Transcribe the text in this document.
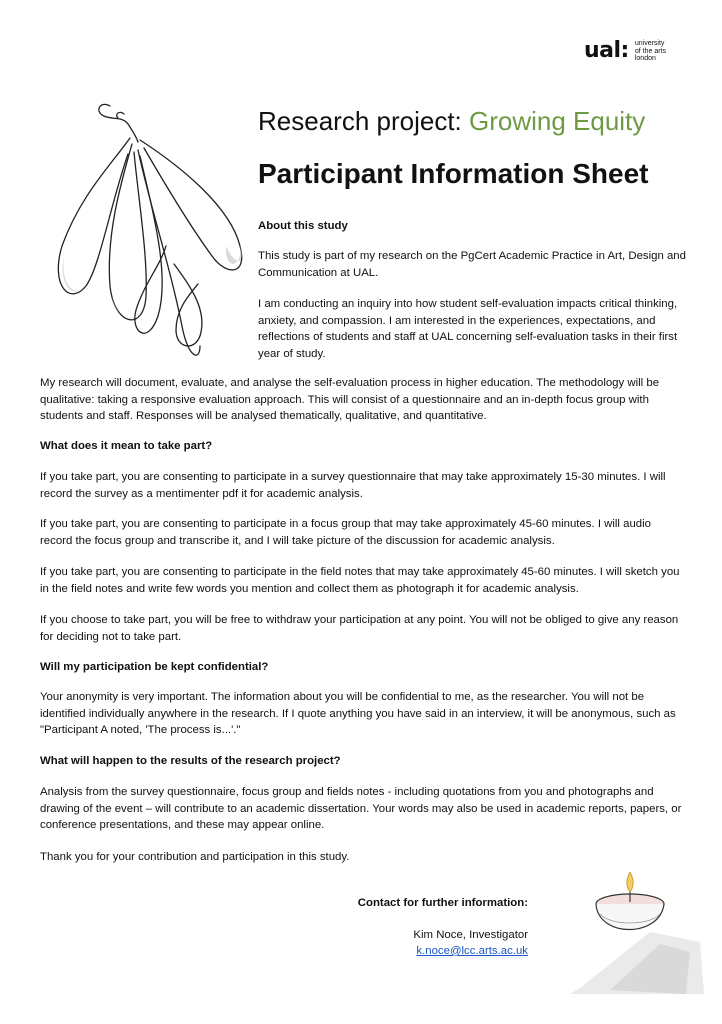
ual: university
of the arts
london
Research project: Growing Equity
Participant Information Sheet

About this study

This study is part of my research on the PgCert Academic Practice in Art, Design and Communication at UAL.

I am conducting an inquiry into how student self-evaluation impacts critical thinking, anxiety, and compassion. I am interested in the experiences, expectations, and reflections of students and staff at UAL concerning self-evaluation tasks in their first year of study.

My research will document, evaluate, and analyse the self-evaluation process in higher education. The methodology will be qualitative: taking a responsive evaluation approach. This will consist of a questionnaire and an in-depth focus group with students and staff. Responses will be analysed thematically, qualitative, and quantitative.

What does it mean to take part?

If you take part, you are consenting to participate in a survey questionnaire that may take approximately 15-30 minutes. I will record the survey as a mentimenter pdf it for academic analysis.

If you take part, you are consenting to participate in a focus group that may take approximately 45-60 minutes. I will audio record the focus group and transcribe it, and I will take picture of the discussion for academic analysis.

If you take part, you are consenting to participate in the field notes that may take approximately 45-60 minutes. I will sketch you in the field notes and write few words you mention and collect them as photograph it for academic analysis.

If you choose to take part, you will be free to withdraw your participation at any point. You will not be obliged to give any reason for deciding not to take part.

Will my participation be kept confidential?

Your anonymity is very important. The information about you will be confidential to me, as the researcher. You will not be identified individually anywhere in the research. If I quote anything you have said in an interview, it will be anonymous, such as "Participant A noted, 'The process is...'."

What will happen to the results of the research project?

Analysis from the survey questionnaire, focus group and fields notes - including quotations from you and photographs and drawing of the event – will contribute to an academic dissertation. Your words may also be used in academic reports, papers, or conference presentations, and these may appear online.

Thank you for your contribution and participation in this study.

Contact for further information:
Kim Noce, Investigator
k.noce@lcc.arts.ac.uk
